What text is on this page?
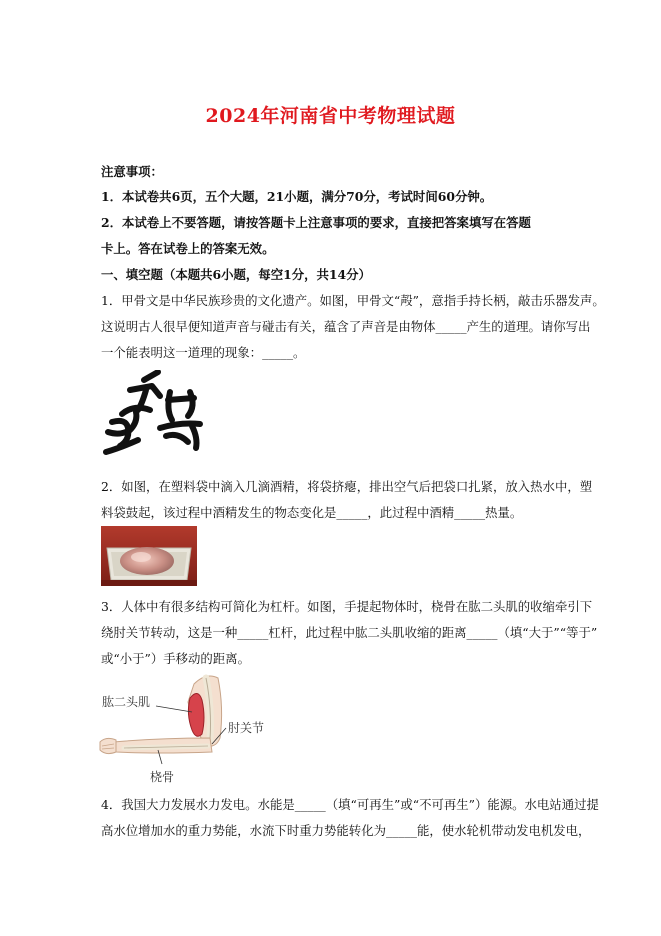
2024年河南省中考物理试题
注意事项：
1．本试卷共6页，五个大题，21小题，满分70分，考试时间60分钟。
2．本试卷上不要答题，请按答题卡上注意事项的要求，直接把答案填写在答题
卡上。答在试卷上的答案无效。
一、填空题（本题共6小题，每空1分，共14分）
1．甲骨文是中华民族珍贵的文化遗产。如图，甲骨文“殸”，意指手持长柄，敲击乐器发声。
这说明古人很早便知道声音与碰击有关，蕴含了声音是由物体_____产生的道理。请你写出
一个能表明这一道理的现象：_____。
2．如图，在塑料袋中滴入几滴酒精，将袋挤瘪，排出空气后把袋口扎紧，放入热水中，塑
料袋鼓起，该过程中酒精发生的物态变化是_____，此过程中酒精_____热量。
3．人体中有很多结构可简化为杠杆。如图，手提起物体时，桡骨在肱二头肌的收缩牵引下
绕肘关节转动，这是一种_____杠杆，此过程中肱二头肌收缩的距离_____（填“大于”“等于”
或“小于”）手移动的距离。
肱二头肌
肘关节
桡骨
4．我国大力发展水力发电。水能是_____（填“可再生”或“不可再生”）能源。水电站通过提
高水位增加水的重力势能，水流下时重力势能转化为_____能，使水轮机带动发电机发电，
